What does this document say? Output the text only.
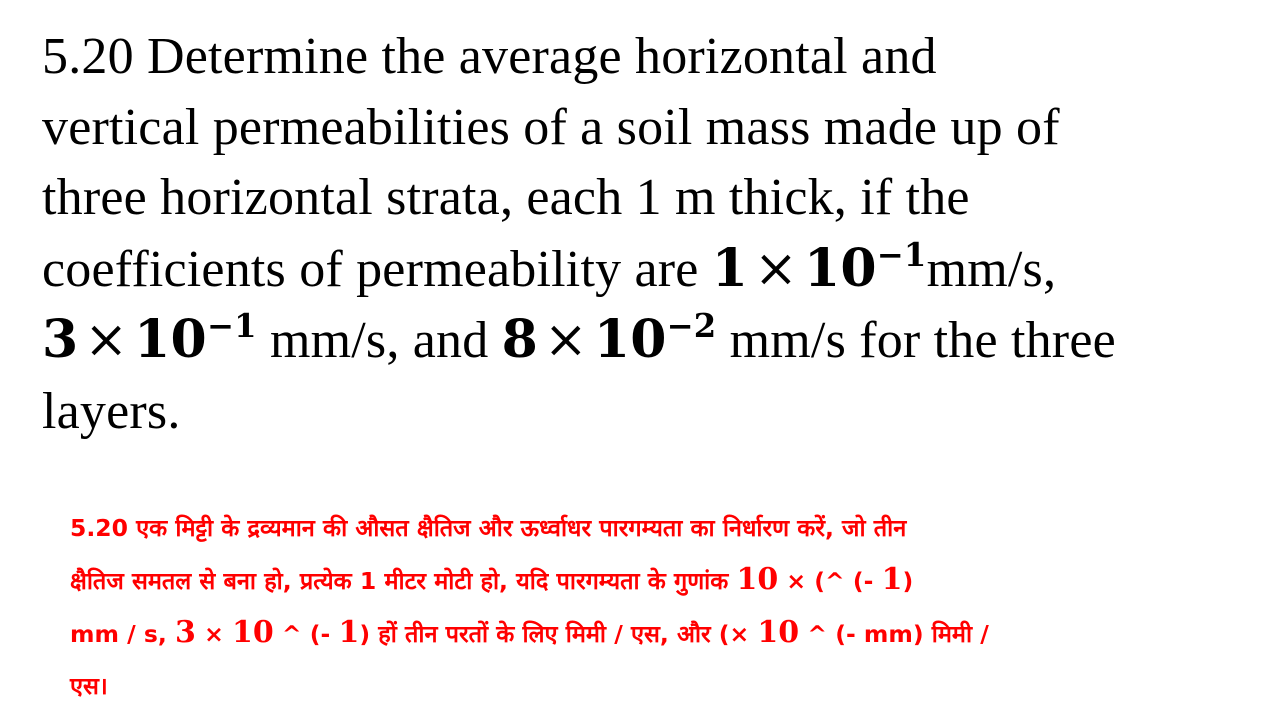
5.20 Determine the average horizontal and
vertical permeabilities of a soil mass made up of
three horizontal strata, each 1 m thick, if the
coefficients of permeability are $1 \times 10^{-1}mm/s$,
$3 \times 10^{-1}$ mm/s, and $8 \times 10^{-2}$ mm/s for the three
layers.
5.20 एक मिट्टी के द्रव्यमान की औसत क्षैतिज और ऊर्ध्वाधर पारगम्यता का निर्धारण करें, जो तीन
क्षैतिज समतल से बना हो, प्रत्येक 1 मीटर मोटी हो, यदि पारगम्यता के गुणांक 10 × (^ (- 1)
mm / s, 3 × 10 ^ (- 1) हों तीन परतों के लिए मिमी / एस, और (× 10 ^ (- mm) मिमी /
एस।
